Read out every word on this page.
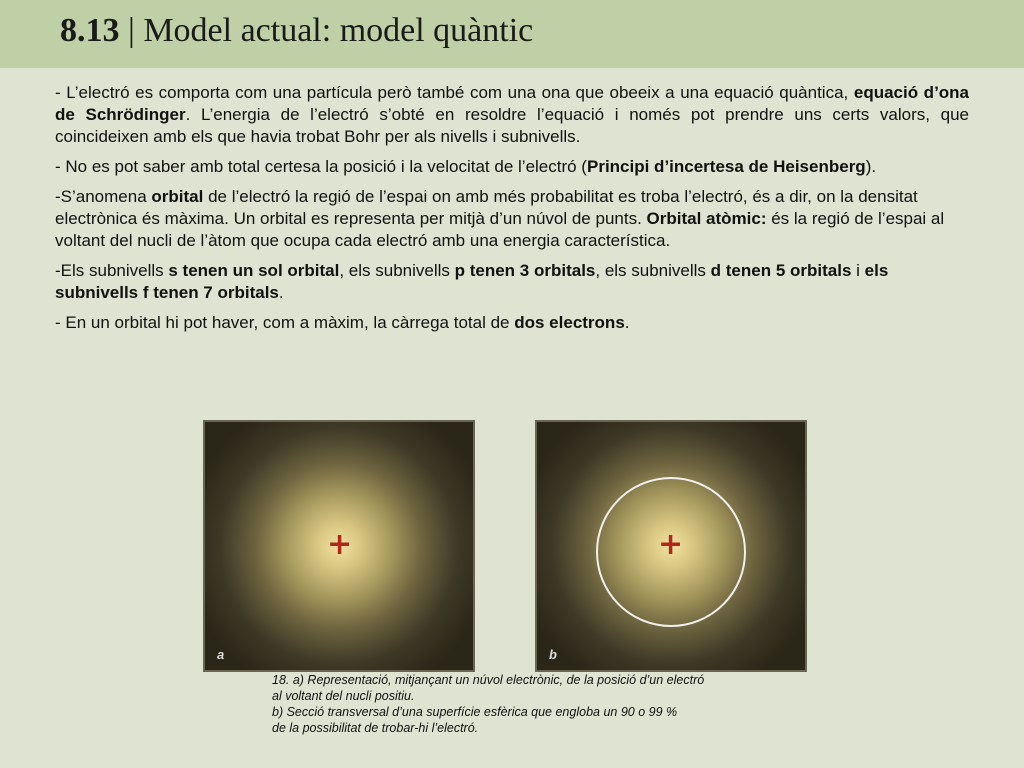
8.13 | Model actual: model quàntic

- L’electró es comporta com una partícula però també com una ona que obeeix a una equació quàntica, equació d’ona de Schrödinger. L’energia de l’electró s’obté en resoldre l’equació i només pot prendre uns certs valors, que coincideixen amb els que havia trobat Bohr per als nivells i subnivells.

- No es pot saber amb total certesa la posició i la velocitat de l’electró (Principi d’incertesa de Heisenberg).

-S’anomena orbital de l’electró la regió de l’espai on amb més probabilitat es troba l’electró, és a dir, on la densitat electrònica és màxima. Un orbital es representa per mitjà d’un núvol de punts. Orbital atòmic: és la regió de l’espai al voltant del nucli de l’àtom que ocupa cada electró amb una energia característica.

-Els subnivells s tenen un sol orbital, els subnivells p tenen 3 orbitals, els subnivells d tenen 5 orbitals i els subnivells f tenen 7 orbitals.

- En un orbital hi pot haver, com a màxim, la càrrega total de dos electrons.

+
a
+
b
18. a) Representació, mitjançant un núvol electrònic, de la posició d’un electró
al voltant del nucli positiu.
b) Secció transversal d’una superfície esfèrica que engloba un 90 o 99 %
de la possibilitat de trobar-hi l’electró.
